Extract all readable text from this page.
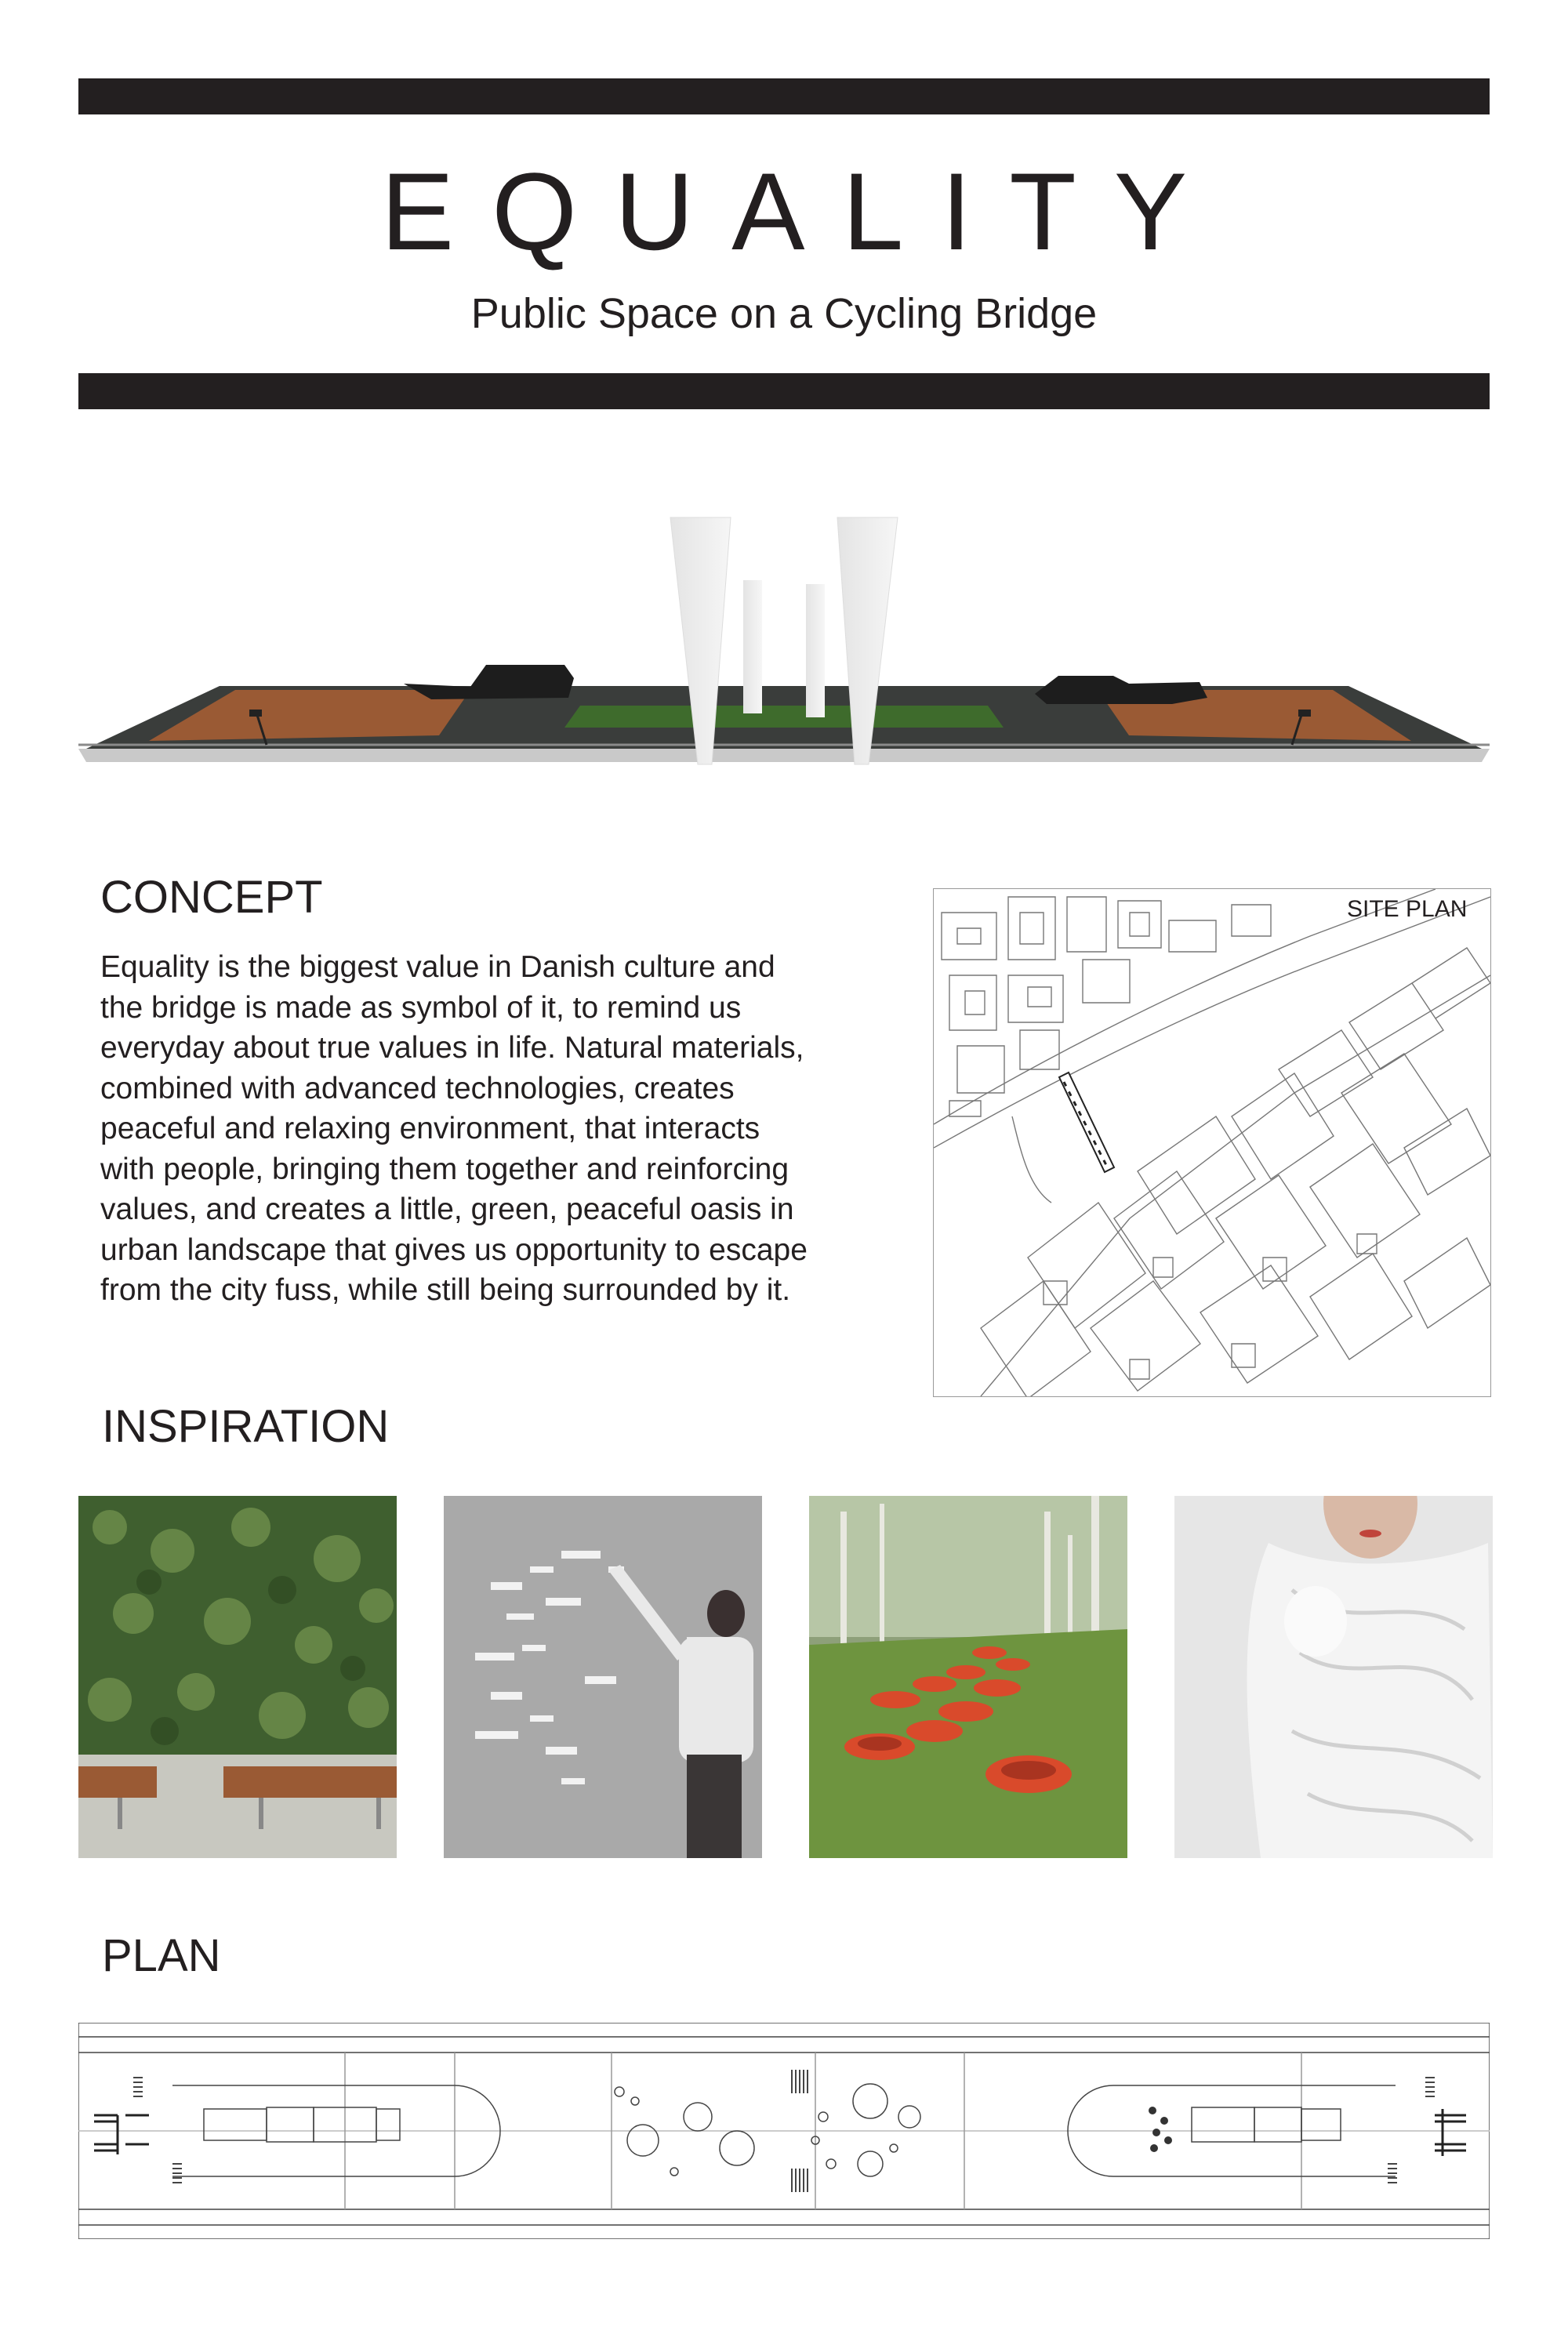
EQUALITY
Public Space on a Cycling Bridge
CONCEPT
Equality is the biggest value in Danish culture and
the bridge is made as symbol of it, to remind us
everyday about true values in life. Natural materials,
combined with advanced technologies, creates
peaceful and relaxing environment, that interacts
with people, bringing them together and reinforcing
values, and creates a little, green, peaceful oasis in
urban landscape that gives us opportunity to escape
from the city fuss, while still being surrounded by it.
SITE PLAN
INSPIRATION
PLAN
